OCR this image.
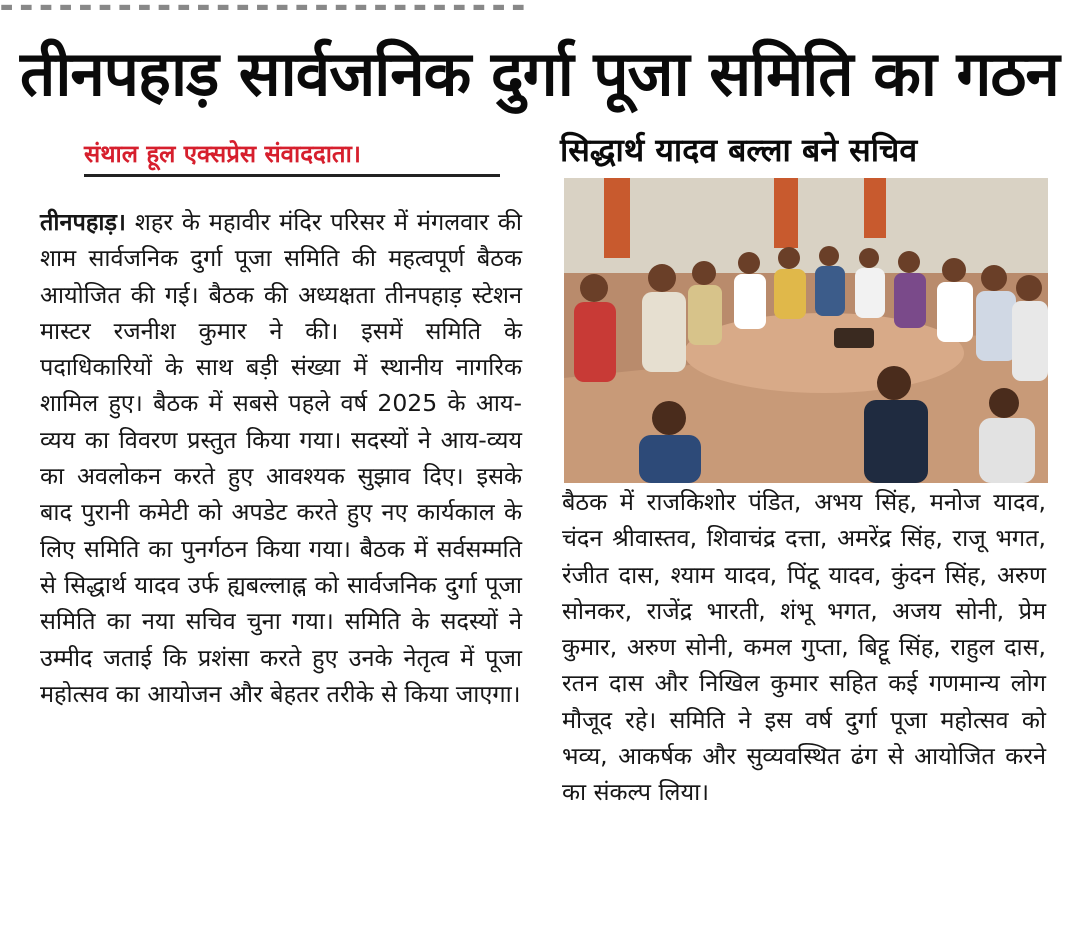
▬ ▬ ▬ ▬ ▬ ▬ ▬ ▬ ▬ ▬ ▬ ▬ ▬ ▬ ▬ ▬ ▬ ▬ ▬ ▬ ▬ ▬ ▬ ▬ ▬ ▬ ▬
तीनपहाड़ सार्वजनिक दुर्गा पूजा समिति का गठन
संथाल हूल एक्सप्रेस संवाददाता।	सिद्धार्थ यादव बल्ला बने सचिव
तीनपहाड़। शहर के महावीर मंदिर परिसर में मंगलवार की शाम सार्वजनिक दुर्गा पूजा समिति की महत्वपूर्ण बैठक आयोजित की गई। बैठक की अध्यक्षता तीनपहाड़ स्टेशन मास्टर रजनीश कुमार ने की। इसमें समिति के पदाधिकारियों के साथ बड़ी संख्या में स्थानीय नागरिक शामिल हुए। बैठक में सबसे पहले वर्ष 2025 के आय-व्यय का विवरण प्रस्तुत किया गया। सदस्यों ने आय-व्यय का अवलोकन करते हुए आवश्यक सुझाव दिए। इसके बाद पुरानी कमेटी को अपडेट करते हुए नए कार्यकाल के लिए समिति का पुनर्गठन किया गया। बैठक में सर्वसम्मति से सिद्धार्थ यादव उर्फ ह्यबल्लाह्न को सार्वजनिक दुर्गा पूजा समिति का नया सचिव चुना गया। समिति के सदस्यों ने उम्मीद जताई कि प्रशंसा करते हुए उनके नेतृत्व में पूजा महोत्सव का आयोजन और बेहतर तरीके से किया जाएगा।
बैठक में राजकिशोर पंडित, अभय सिंह, मनोज यादव, चंदन श्रीवास्तव, शिवाचंद्र दत्ता, अमरेंद्र सिंह, राजू भगत, रंजीत दास, श्याम यादव, पिंटू यादव, कुंदन सिंह, अरुण सोनकर, राजेंद्र भारती, शंभू भगत, अजय सोनी, प्रेम कुमार, अरुण सोनी, कमल गुप्ता, बिट्टू सिंह, राहुल दास, रतन दास और निखिल कुमार सहित कई गणमान्य लोग मौजूद रहे। समिति ने इस वर्ष दुर्गा पूजा महोत्सव को भव्य, आकर्षक और सुव्यवस्थित ढंग से आयोजित करने का संकल्प लिया।
